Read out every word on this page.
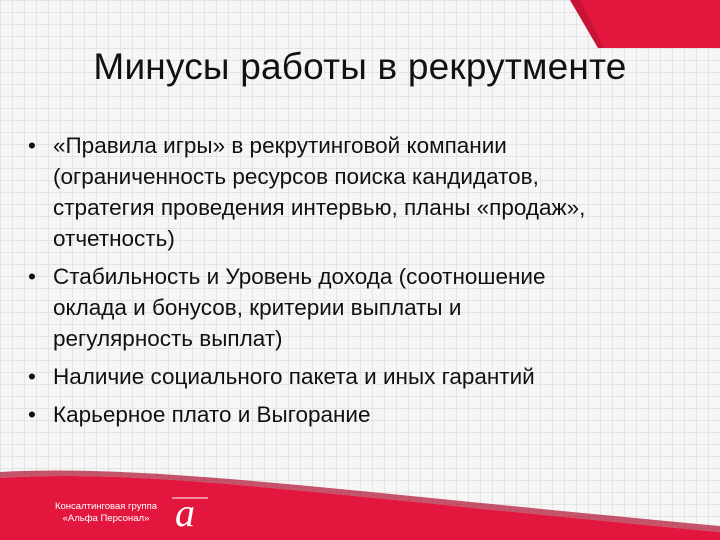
Минусы работы в рекрутменте
• «Правила игры» в рекрутинговой компании
(ограниченность ресурсов поиска кандидатов,
стратегия проведения интервью, планы «продаж»,
отчетность)
• Стабильность и Уровень дохода (соотношение
оклада и бонусов, критерии выплаты и
регулярность выплат)
• Наличие социального пакета и иных гарантий
• Карьерное плато и Выгорание
Консалтинговая группа
«Альфа Персонал» a
